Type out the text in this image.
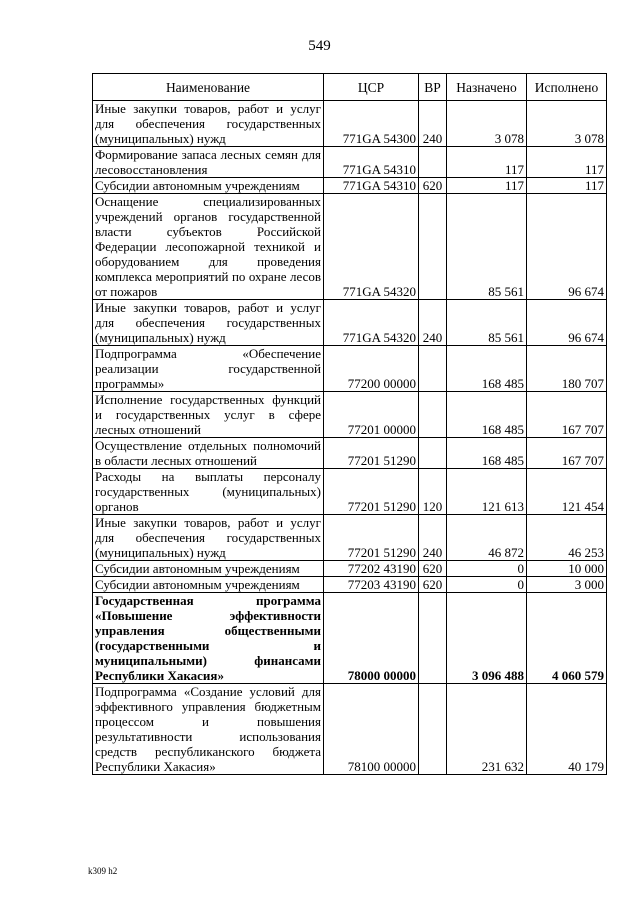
549
Наименование	ЦСР	ВР	Назначено	Исполнено
Иные закупки товаров, работ и услуг для обеспечения государственных (муниципальных) нужд	771GA 54300	240	3 078	3 078
Формирование запаса лесных семян для лесовосстановления	771GA 54310		117	117
Субсидии автономным учреждениям	771GA 54310	620	117	117
Оснащение специализированных учреждений органов государственной власти субъектов Российской Федерации лесопожарной техникой и оборудованием для проведения комплекса мероприятий по охране лесов от пожаров	771GA 54320		85 561	96 674
Иные закупки товаров, работ и услуг для обеспечения государственных (муниципальных) нужд	771GA 54320	240	85 561	96 674
Подпрограмма «Обеспечение реализации государственной программы»	77200 00000		168 485	180 707
Исполнение государственных функций и государственных услуг в сфере лесных отношений	77201 00000		168 485	167 707
Осуществление отдельных полномочий в области лесных отношений	77201 51290		168 485	167 707
Расходы на выплаты персоналу государственных (муниципальных) органов	77201 51290	120	121 613	121 454
Иные закупки товаров, работ и услуг для обеспечения государственных (муниципальных) нужд	77201 51290	240	46 872	46 253
Субсидии автономным учреждениям	77202 43190	620	0	10 000
Субсидии автономным учреждениям	77203 43190	620	0	3 000
Государственная программа «Повышение эффективности управления общественными (государственными и муниципальными) финансами Республики Хакасия»	78000 00000		3 096 488	4 060 579
Подпрограмма «Создание условий для эффективного управления бюджетным процессом и повышения результативности использования средств республиканского бюджета Республики Хакасия»	78100 00000		231 632	40 179
k309 h2
